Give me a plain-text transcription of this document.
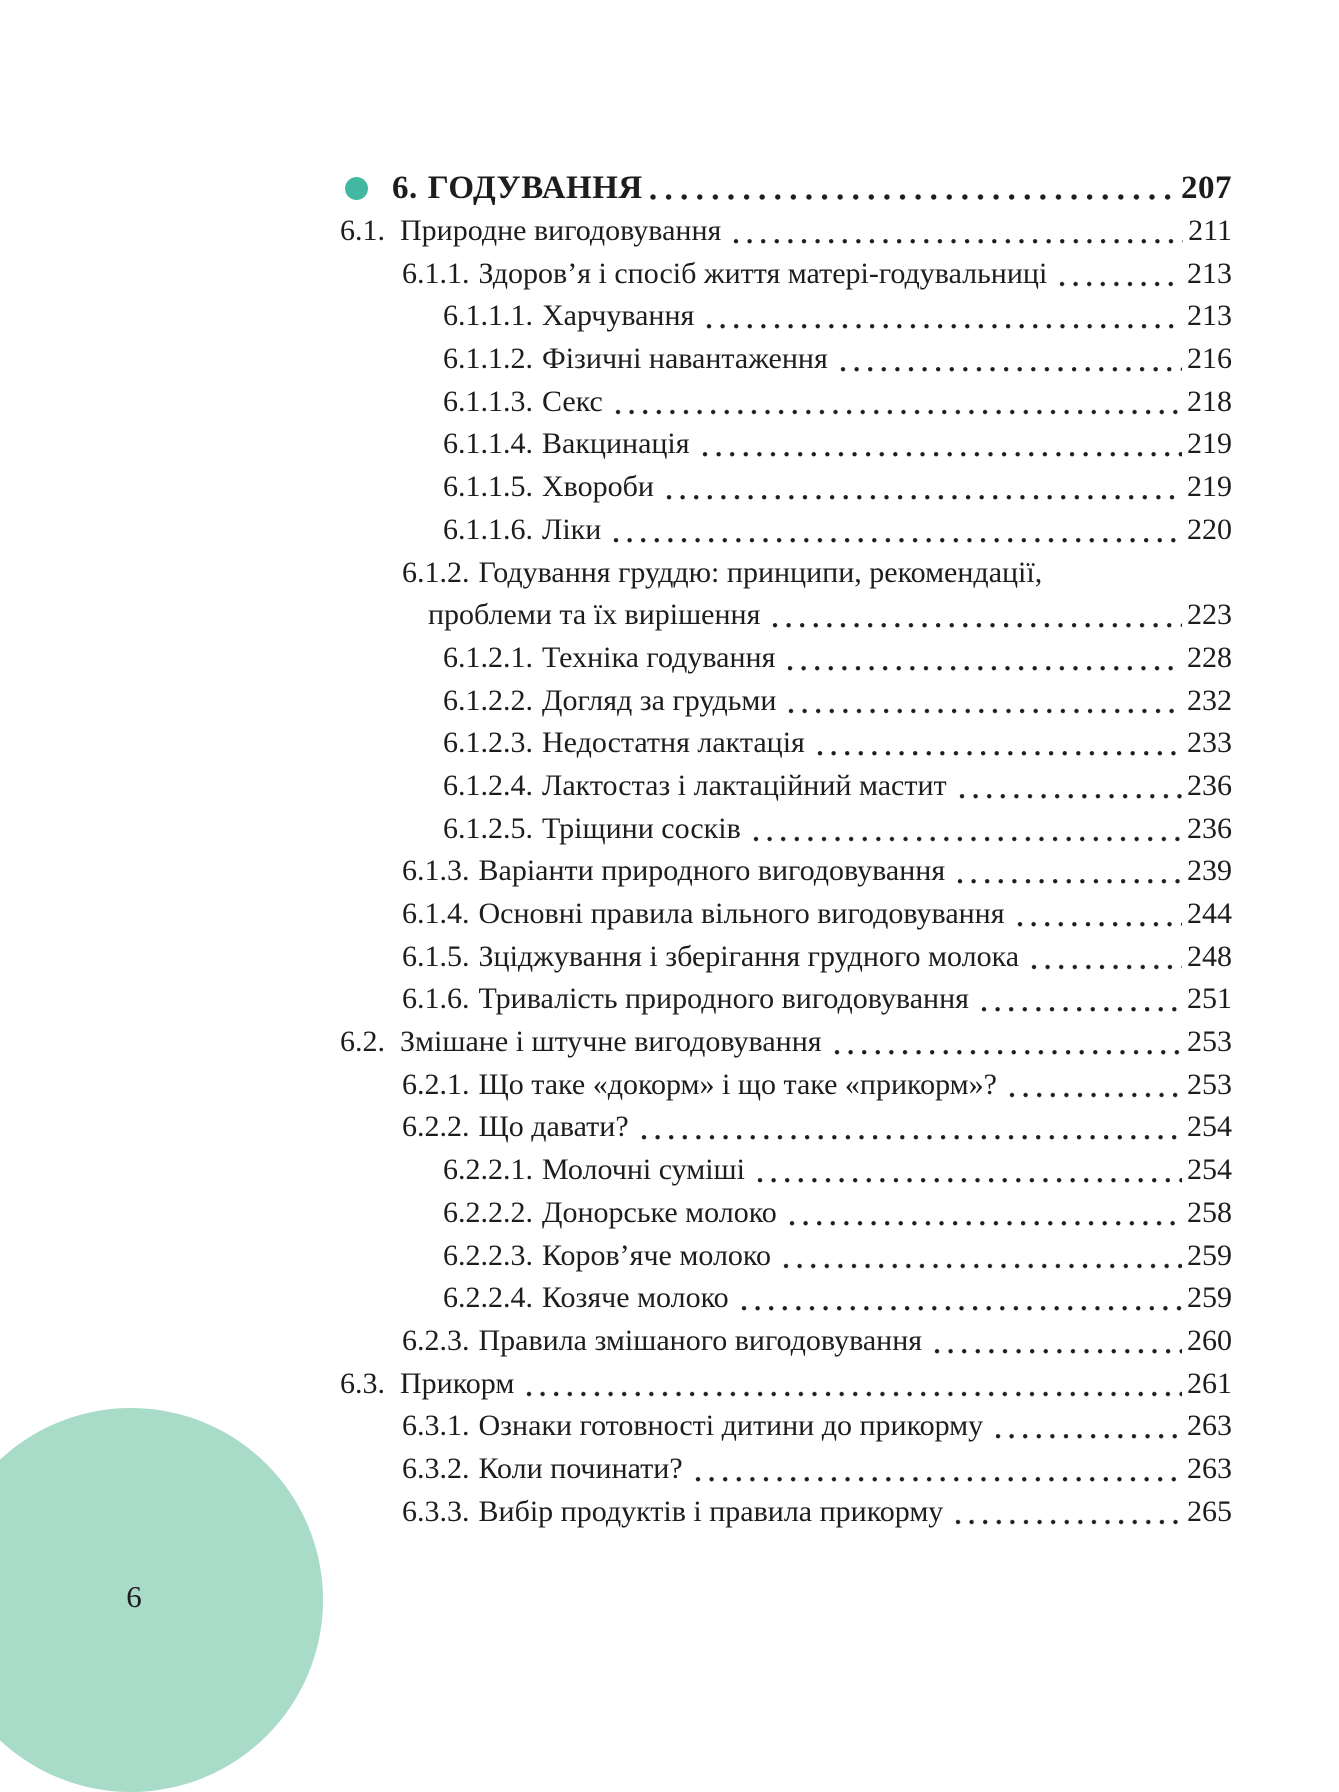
6. ГОДУВАННЯ	207
6.1. Природне вигодовування	211
6.1.1. Здоров’я і спосіб життя матері-годувальниці	213
6.1.1.1. Харчування	213
6.1.1.2. Фізичні навантаження	216
6.1.1.3. Секс	218
6.1.1.4. Вакцинація	219
6.1.1.5. Хвороби	219
6.1.1.6. Ліки	220
6.1.2. Годування груддю: принципи, рекомендації,
проблеми та їх вирішення	223
6.1.2.1. Техніка годування	228
6.1.2.2. Догляд за грудьми	232
6.1.2.3. Недостатня лактація	233
6.1.2.4. Лактостаз і лактаційний мастит	236
6.1.2.5. Тріщини сосків	236
6.1.3. Варіанти природного вигодовування	239
6.1.4. Основні правила вільного вигодовування	244
6.1.5. Зціджування і зберігання грудного молока	248
6.1.6. Тривалість природного вигодовування	251
6.2. Змішане і штучне вигодовування	253
6.2.1. Що таке «докорм» і що таке «прикорм»?	253
6.2.2. Що давати?	254
6.2.2.1. Молочні суміші	254
6.2.2.2. Донорське молоко	258
6.2.2.3. Коров’яче молоко	259
6.2.2.4. Козяче молоко	259
6.2.3. Правила змішаного вигодовування	260
6.3. Прикорм	261
6.3.1. Ознаки готовності дитини до прикорму	263
6.3.2. Коли починати?	263
6.3.3. Вибір продуктів і правила прикорму	265
6
